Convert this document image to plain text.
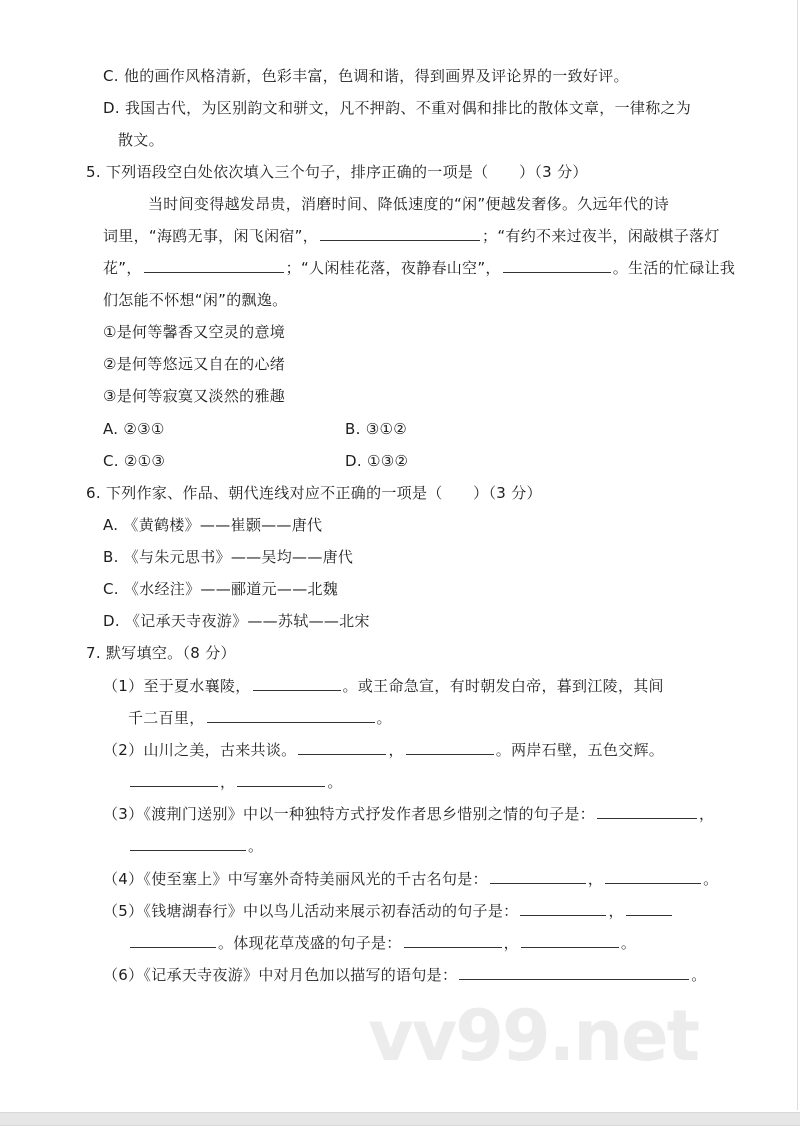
C. 他的画作风格清新，色彩丰富，色调和谐，得到画界及评论界的一致好评。
D. 我国古代，为区别韵文和骈文，凡不押韵、不重对偶和排比的散体文章，一律称之为
散文。
5. 下列语段空白处依次填入三个句子，排序正确的一项是（　　）（3 分）
当时间变得越发昂贵，消磨时间、降低速度的“闲”便越发奢侈。久远年代的诗
词里，“海鸥无事，闲飞闲宿”，	；“有约不来过夜半，闲敲棋子落灯
花”，	；“人闲桂花落，夜静春山空”，	。生活的忙碌让我
们怎能不怀想“闲”的飘逸。
①是何等馨香又空灵的意境
②是何等悠远又自在的心绪
③是何等寂寞又淡然的雅趣
A. ②③①	B. ③①②
C. ②①③	D. ①③②
6. 下列作家、作品、朝代连线对应不正确的一项是（　　）（3 分）
A. 《黄鹤楼》——崔颢——唐代
B. 《与朱元思书》——吴均——唐代
C. 《水经注》——郦道元——北魏
D. 《记承天寺夜游》——苏轼——北宋
7. 默写填空。（8 分）
（1）至于夏水襄陵，	。或王命急宣，有时朝发白帝，暮到江陵，其间
千二百里，	。
（2）山川之美，古来共谈。	，	。两岸石壁，五色交辉。
，	。
（3）《渡荆门送别》中以一种独特方式抒发作者思乡惜别之情的句子是：	，
。
（4）《使至塞上》中写塞外奇特美丽风光的千古名句是：	，	。
（5）《钱塘湖春行》中以鸟儿活动来展示初春活动的句子是：	，
。体现花草茂盛的句子是：	，	。
（6）《记承天寺夜游》中对月色加以描写的语句是：	。
vv99.net
